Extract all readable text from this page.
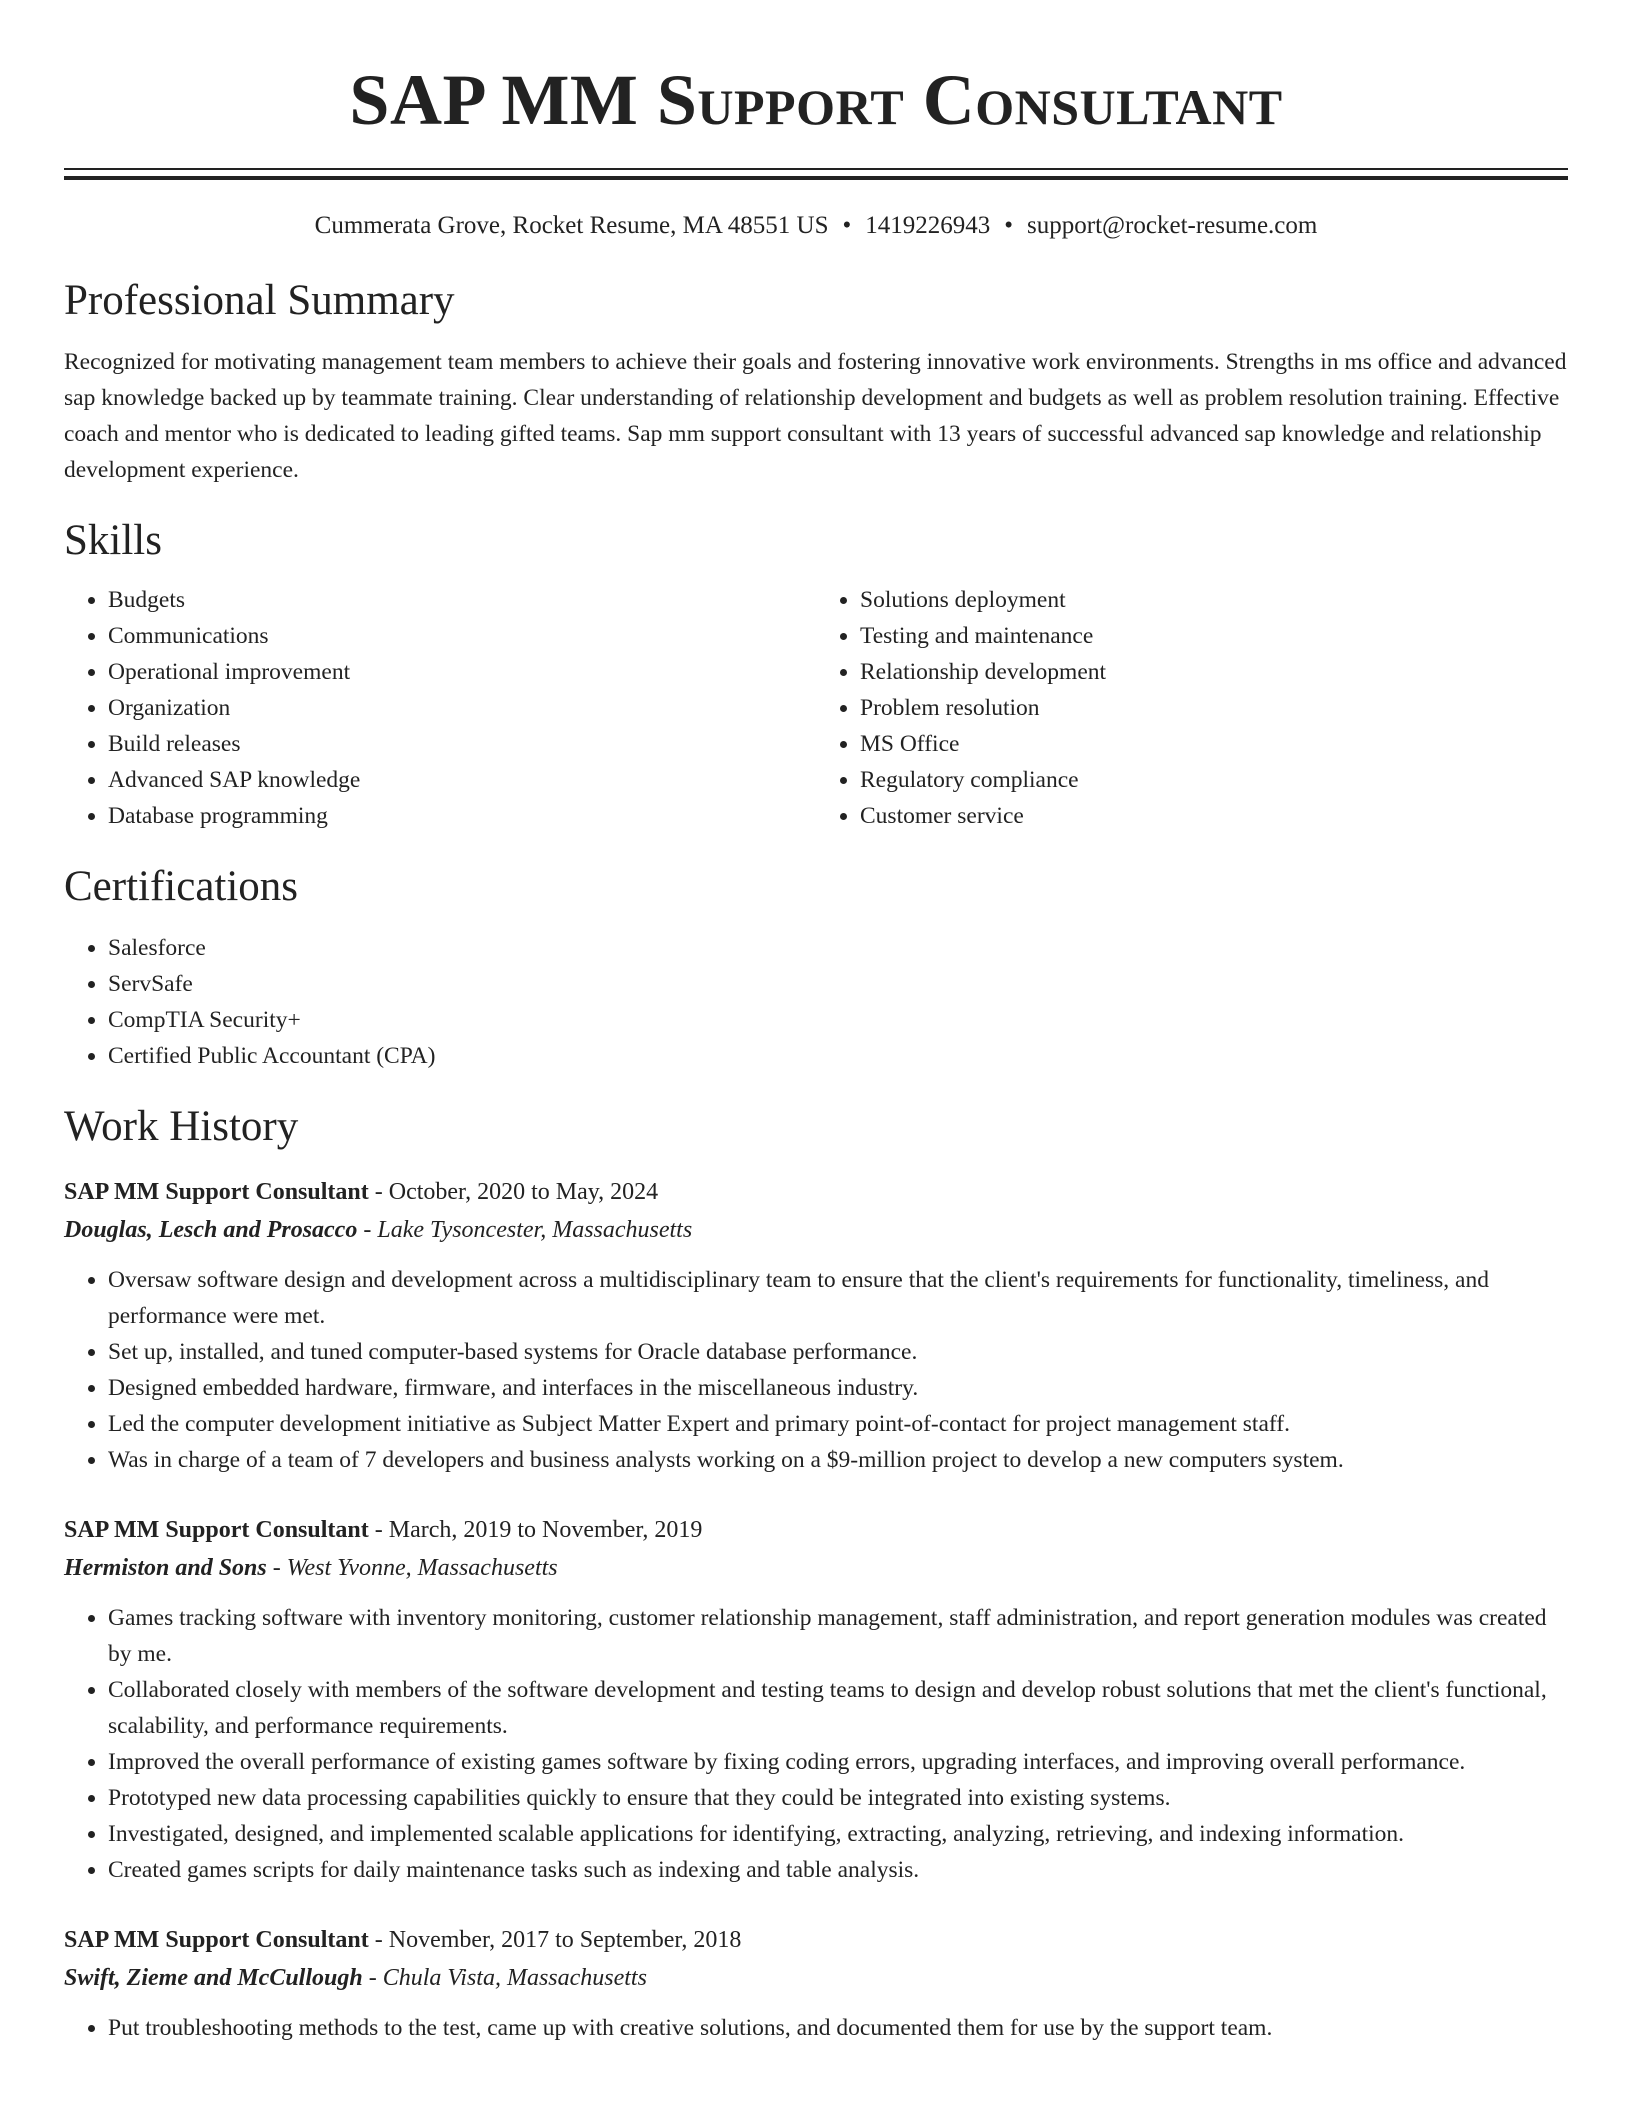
SAP MM Support Consultant
Cummerata Grove, Rocket Resume, MA 48551 US • 1419226943 • support@rocket-resume.com
Professional Summary
Recognized for motivating management team members to achieve their goals and fostering innovative work environments. Strengths in ms office and advanced sap knowledge backed up by teammate training. Clear understanding of relationship development and budgets as well as problem resolution training. Effective coach and mentor who is dedicated to leading gifted teams. Sap mm support consultant with 13 years of successful advanced sap knowledge and relationship development experience.
Skills
• Budgets
• Communications
• Operational improvement
• Organization
• Build releases
• Advanced SAP knowledge
• Database programming
• Solutions deployment
• Testing and maintenance
• Relationship development
• Problem resolution
• MS Office
• Regulatory compliance
• Customer service
Certifications
• Salesforce
• ServSafe
• CompTIA Security+
• Certified Public Accountant (CPA)
Work History
SAP MM Support Consultant - October, 2020 to May, 2024
Douglas, Lesch and Prosacco - Lake Tysoncester, Massachusetts
• Oversaw software design and development across a multidisciplinary team to ensure that the client's requirements for functionality, timeliness, and performance were met.
• Set up, installed, and tuned computer-based systems for Oracle database performance.
• Designed embedded hardware, firmware, and interfaces in the miscellaneous industry.
• Led the computer development initiative as Subject Matter Expert and primary point-of-contact for project management staff.
• Was in charge of a team of 7 developers and business analysts working on a $9-million project to develop a new computers system.
SAP MM Support Consultant - March, 2019 to November, 2019
Hermiston and Sons - West Yvonne, Massachusetts
• Games tracking software with inventory monitoring, customer relationship management, staff administration, and report generation modules was created by me.
• Collaborated closely with members of the software development and testing teams to design and develop robust solutions that met the client's functional, scalability, and performance requirements.
• Improved the overall performance of existing games software by fixing coding errors, upgrading interfaces, and improving overall performance.
• Prototyped new data processing capabilities quickly to ensure that they could be integrated into existing systems.
• Investigated, designed, and implemented scalable applications for identifying, extracting, analyzing, retrieving, and indexing information.
• Created games scripts for daily maintenance tasks such as indexing and table analysis.
SAP MM Support Consultant - November, 2017 to September, 2018
Swift, Zieme and McCullough - Chula Vista, Massachusetts
• Put troubleshooting methods to the test, came up with creative solutions, and documented them for use by the support team.
